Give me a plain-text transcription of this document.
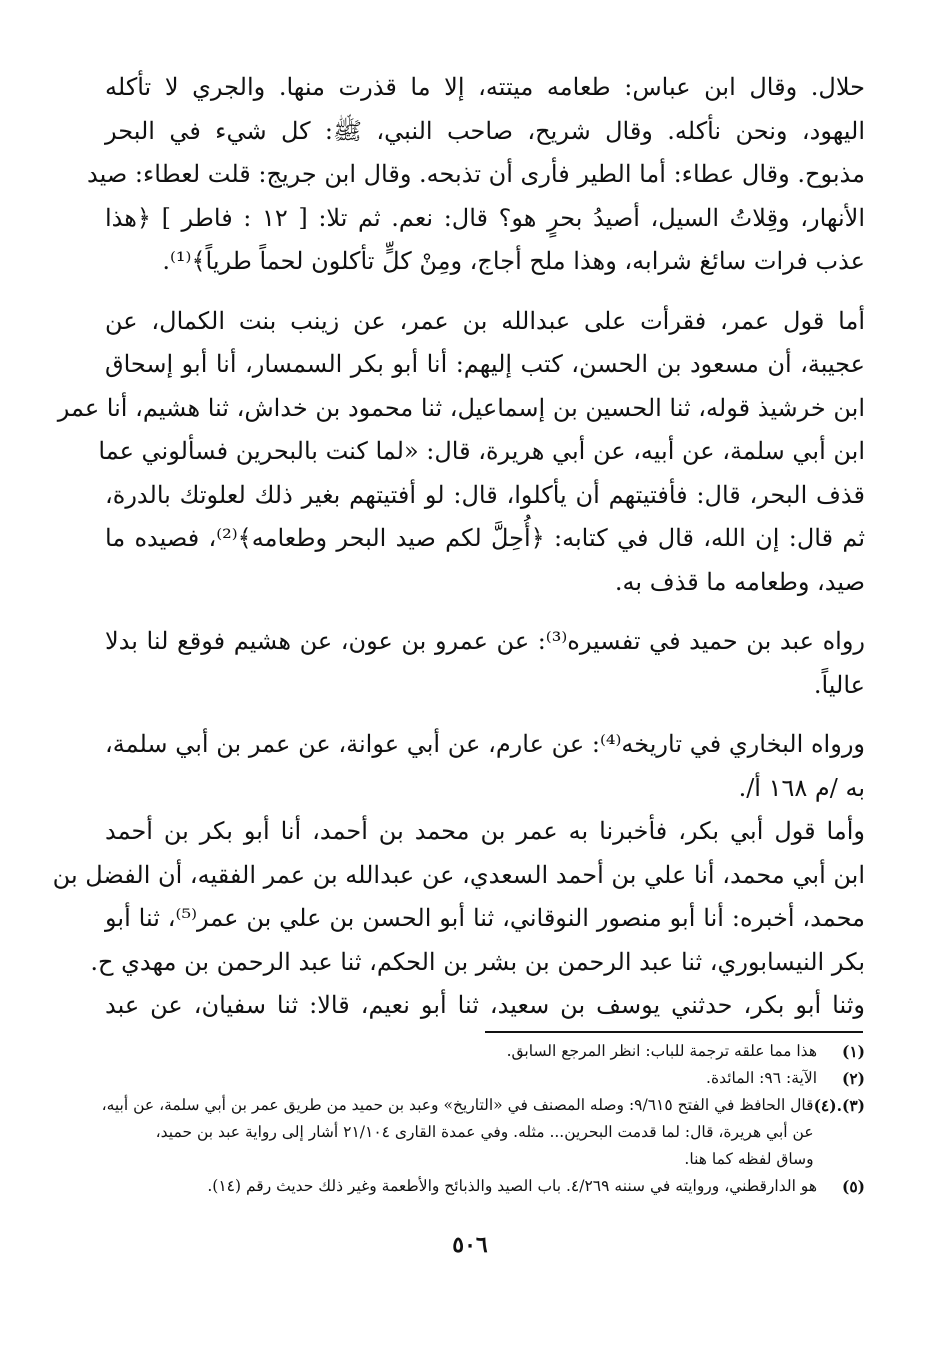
حلال. وقال ابن عباس: طعامه ميتته، إلا ما قذرت منها. والجري لا تأكله
اليهود، ونحن نأكله. وقال شريح، صاحب النبي، ﷺ: كل شيء في البحر
مذبوح. وقال عطاء: أما الطير فأرى أن تذبحه. وقال ابن جريج: قلت لعطاء: صيد
الأنهار، وقِلاتُ السيل، أصيدُ بحرٍ هو؟ قال: نعم. ثم تلا: [ ١٢ : فاطر ] ﴿هذا
عذب فرات سائغ شرابه، وهذا ملح أجاج، ومِنْ كلٍّ تأكلون لحماً طرياً﴾⁽¹⁾.

أما قول عمر، فقرأت على عبدالله بن عمر، عن زينب بنت الكمال، عن
عجيبة، أن مسعود بن الحسن، كتب إليهم: أنا أبو بكر السمسار، أنا أبو إسحاق
ابن خرشيذ قوله، ثنا الحسين بن إسماعيل، ثنا محمود بن خداش، ثنا هشيم، أنا عمر
ابن أبي سلمة، عن أبيه، عن أبي هريرة، قال: «لما كنت بالبحرين فسألوني عما
قذف البحر، قال: فأفتيتهم أن يأكلوا، قال: لو أفتيتهم بغير ذلك لعلوتك بالدرة،
ثم قال: إن الله، قال في كتابه: ﴿أُحِلَّ لكم صيد البحر وطعامه﴾⁽²⁾، فصيده ما
صيد، وطعامه ما قذف به.

رواه عبد بن حميد في تفسيره⁽³⁾: عن عمرو بن عون، عن هشيم فوقع لنا بدلا
عالياً.

ورواه البخاري في تاريخه⁽⁴⁾: عن عارم، عن أبي عوانة، عن عمر بن أبي سلمة،
به /م ١٦٨ أ/.

وأما قول أبي بكر، فأخبرنا به عمر بن محمد بن أحمد، أنا أبو بكر بن أحمد
ابن أبي محمد، أنا علي بن أحمد السعدي، عن عبدالله بن عمر الفقيه، أن الفضل بن
محمد، أخبره: أنا أبو منصور النوقاني، ثنا أبو الحسن بن علي بن عمر⁽⁵⁾، ثنا أبو
بكر النيسابوري، ثنا عبد الرحمن بن بشر بن الحكم، ثنا عبد الرحمن بن مهدي ح.
وثنا أبو بكر، حدثني يوسف بن سعيد، ثنا أبو نعيم، قالا: ثنا سفيان، عن عبد

(١)
هذا مما علقه ترجمة للباب: انظر المرجع السابق.
(٢)
الآية: ٩٦: المائدة.
(٣).(٤)
قال الحافظ في الفتح ٩/٦١٥: وصله المصنف في «التاريخ» وعبد بن حميد من طريق عمر بن أبي سلمة، عن أبيه،
عن أبي هريرة، قال: لما قدمت البحرين... مثله. وفي عمدة القارى ٢١/١٠٤ أشار إلى رواية عبد بن حميد،
وساق لفظه كما هنا.
(٥)
هو الدارقطني، وروايته في سننه ٤/٢٦٩. باب الصيد والذبائح والأطعمة وغير ذلك حديث رقم (١٤).
٥٠٦
